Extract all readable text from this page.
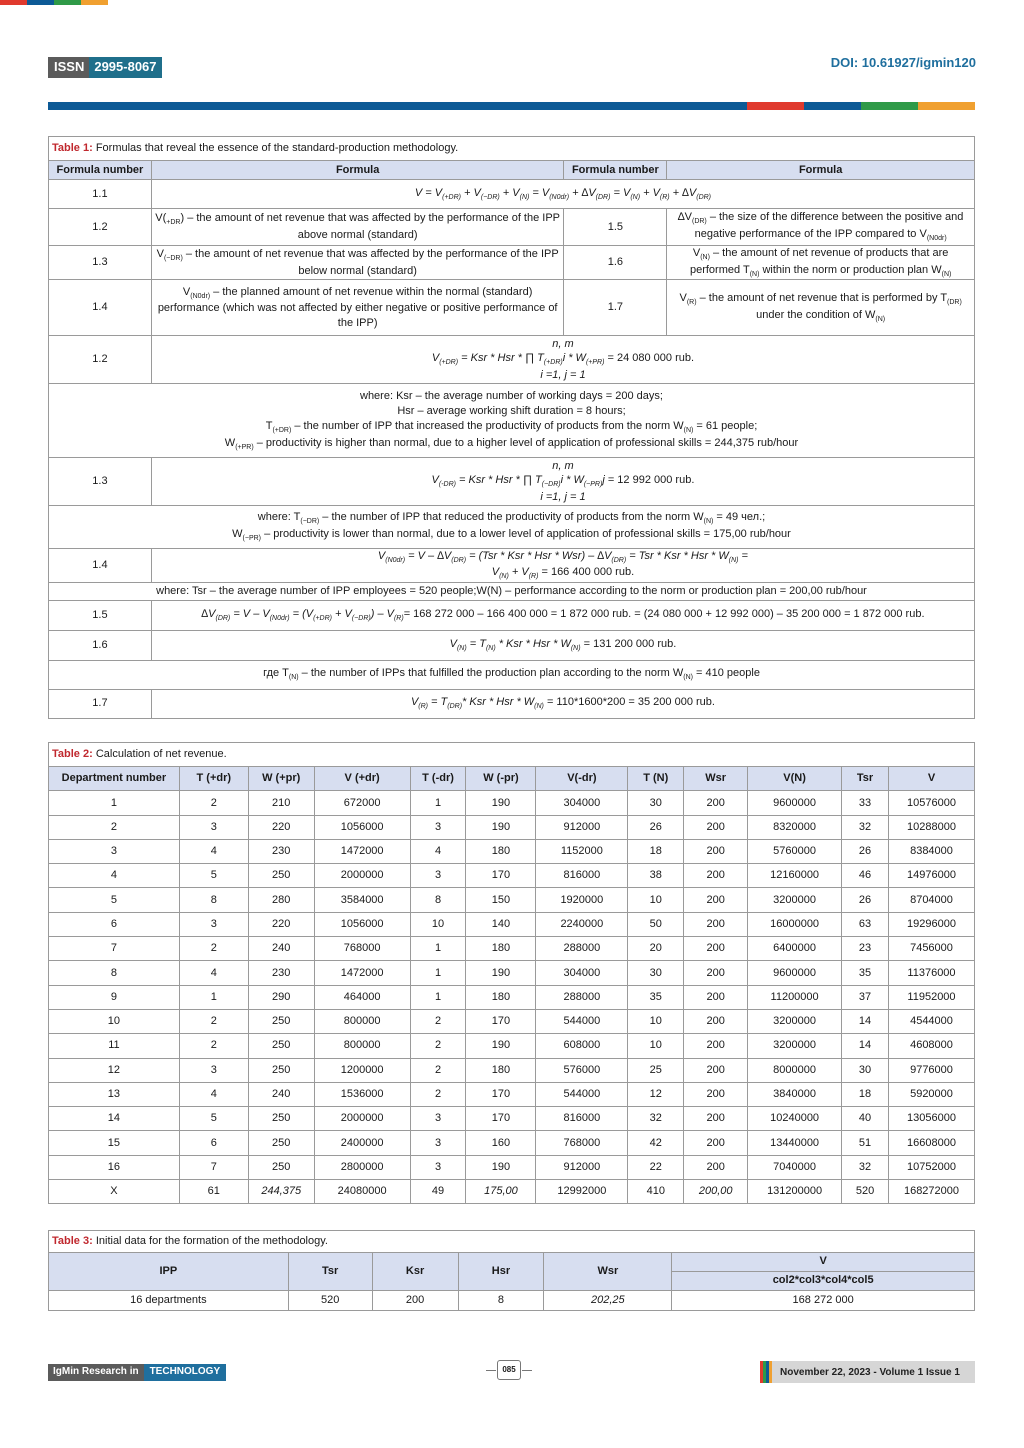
ISSN 2995-8067	DOI: 10.61927/igmin120
Table 1: Formulas that reveal the essence of the standard-production methodology.			
Formula number	Formula	Formula number	Formula
1.1	$V = V_{(+DR)} + V_{(-DR)} + V_{(N)} = V_{(N0dr)} + \Delta V_{(DR)} = V_{(N)} + V_{(R)} + \Delta V_{(DR)}$
1.2	$V(_{+DR})$ – the amount of net revenue that was affected by the performance of the IPP above normal (standard)	1.5	$\Delta V_{(DR)}$ – the size of the difference between the positive and negative performance of the IPP compared to $V_{(N0dr)}$
1.3	$V_{(-DR)}$ – the amount of net revenue that was affected by the performance of the IPP below normal (standard)	1.6	$V_{(N)}$ – the amount of net revenue of products that are performed $T_{(N)}$ within the norm or production plan $W_{(N)}$
1.4	$V_{(N0dr)}$ – the planned amount of net revenue within the normal (standard) performance (which was not affected by either negative or positive performance of the IPP)	1.7	$V_{(R)}$ – the amount of net revenue that is performed by $T_{(DR)}$ under the condition of $W_{(N)}$
1.2	n, m
$V_{(+DR)}$ = Ksr * Hsr * ∏ $T_{(+DR)}i * W_{(+PR)} = 24$ 080 000 rub.
i =1, j = 1		
where: Ksr – the average number of working days = 200 days;
Hsr – average working shift duration = 8 hours;
$T_{(+DR)}$ – the number of IPP that increased the productivity of products from the norm $W_{(N)} = 61$ people;
$W_{(+PR)}$ – productivity is higher than normal, due to a higher level of application of professional skills = 244,375 rub/hour			
1.3	n, m
$V_{(-DR)}$ = Ksr * Hsr * ∏ $T_{(-DR)}i * W_{(-PR)}j = 12$ 992 000 rub.
i =1, j = 1		
where: $T_{(-DR)}$ – the number of IPP that reduced the productivity of products from the norm $W_{(N)} = 49$ чел.;
$W_{(-PR)}$ – productivity is lower than normal, due to a lower level of application of professional skills = 175,00 rub/hour			
1.4	$V_{(N0dr)} = V - \Delta V_{(DR)} = (Tsr$ * Ksr * Hsr * $Wsr) - \Delta V_{(DR)}$ = Tsr * Ksr * Hsr * $W_{(N)}$ =
$V_{(N)} + V_{(R)} = 166$ 400 000 rub.		
where: Tsr – the average number of IPP employees = 520 people;W(N) – performance according to the norm or production plan = 200,00 rub/hour			
1.5	$\Delta V_{(DR)} = V - V_{(N0dr)} = (V_{(+DR)} + V_{(-DR)}) - V_{(R)}= 168$ 272 000 – 166 400 000 = 1 872 000 rub. = (24 080 000 + 12 992 000) – 35 200 000 = 1 872 000 rub.		
1.6	$V_{(N)} = T_{(N)}$ * Ksr * Hsr * $W_{(N)} = 131$ 200 000 rub.		
где $T_{(N)}$ – the number of IPPs that fulfilled the production plan according to the norm $W_{(N)} = 410$ people			
1.7	$V_{(R)} = T_{(DR)}*$ Ksr * Hsr * $W_{(N)} = 110*1600*200 = 35$ 200 000 rub.		
Table 2: Calculation of net revenue.											
Department number	T (+dr)	W (+pr)	V (+dr)	T (-dr)	W (-pr)	V(-dr)	T (N)	Wsr	V(N)	Tsr	V
1	2	210	672000	1	190	304000	30	200	9600000	33	10576000
2	3	220	1056000	3	190	912000	26	200	8320000	32	10288000
3	4	230	1472000	4	180	1152000	18	200	5760000	26	8384000
4	5	250	2000000	3	170	816000	38	200	12160000	46	14976000
5	8	280	3584000	8	150	1920000	10	200	3200000	26	8704000
6	3	220	1056000	10	140	2240000	50	200	16000000	63	19296000
7	2	240	768000	1	180	288000	20	200	6400000	23	7456000
8	4	230	1472000	1	190	304000	30	200	9600000	35	11376000
9	1	290	464000	1	180	288000	35	200	11200000	37	11952000
10	2	250	800000	2	170	544000	10	200	3200000	14	4544000
11	2	250	800000	2	190	608000	10	200	3200000	14	4608000
12	3	250	1200000	2	180	576000	25	200	8000000	30	9776000
13	4	240	1536000	2	170	544000	12	200	3840000	18	5920000
14	5	250	2000000	3	170	816000	32	200	10240000	40	13056000
15	6	250	2400000	3	160	768000	42	200	13440000	51	16608000
16	7	250	2800000	3	190	912000	22	200	7040000	32	10752000
X	61	244,375	24080000	49	175,00	12992000	410	200,00	131200000	520	168272000
Table 3: Initial data for the formation of the methodology.					
IPP	Tsr	Ksr	Hsr	Wsr	V
					col2*col3*col4*col5
16 departments	520	200	8	202,25	168 272 000
IgMin Research in	TECHNOLOGY	085	November 22, 2023 - Volume 1 Issue 1
